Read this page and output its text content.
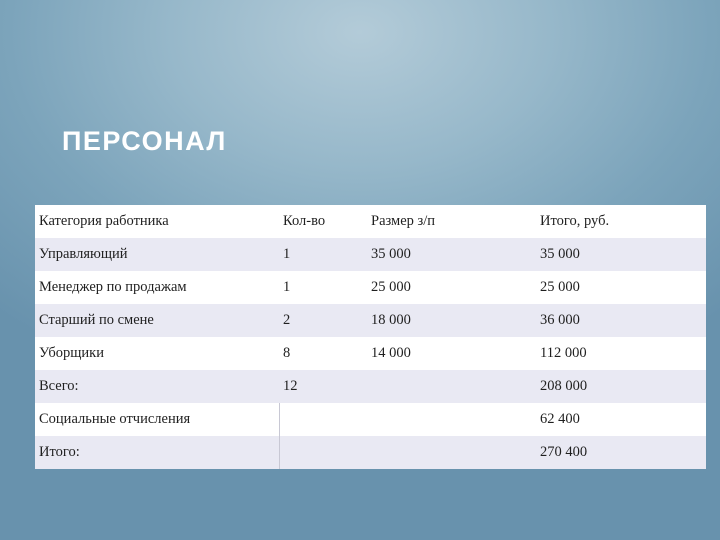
ПЕРСОНАЛ
Категория работника	Кол-во	Размер з/п	Итого, руб.
Управляющий	1	35 000	35 000
Менеджер по продажам	1	25 000	25 000
Старший по смене	2	18 000	36 000
Уборщики	8	14 000	112 000
Всего:	12		208 000
Социальные отчисления			62 400
Итого:			270 400
